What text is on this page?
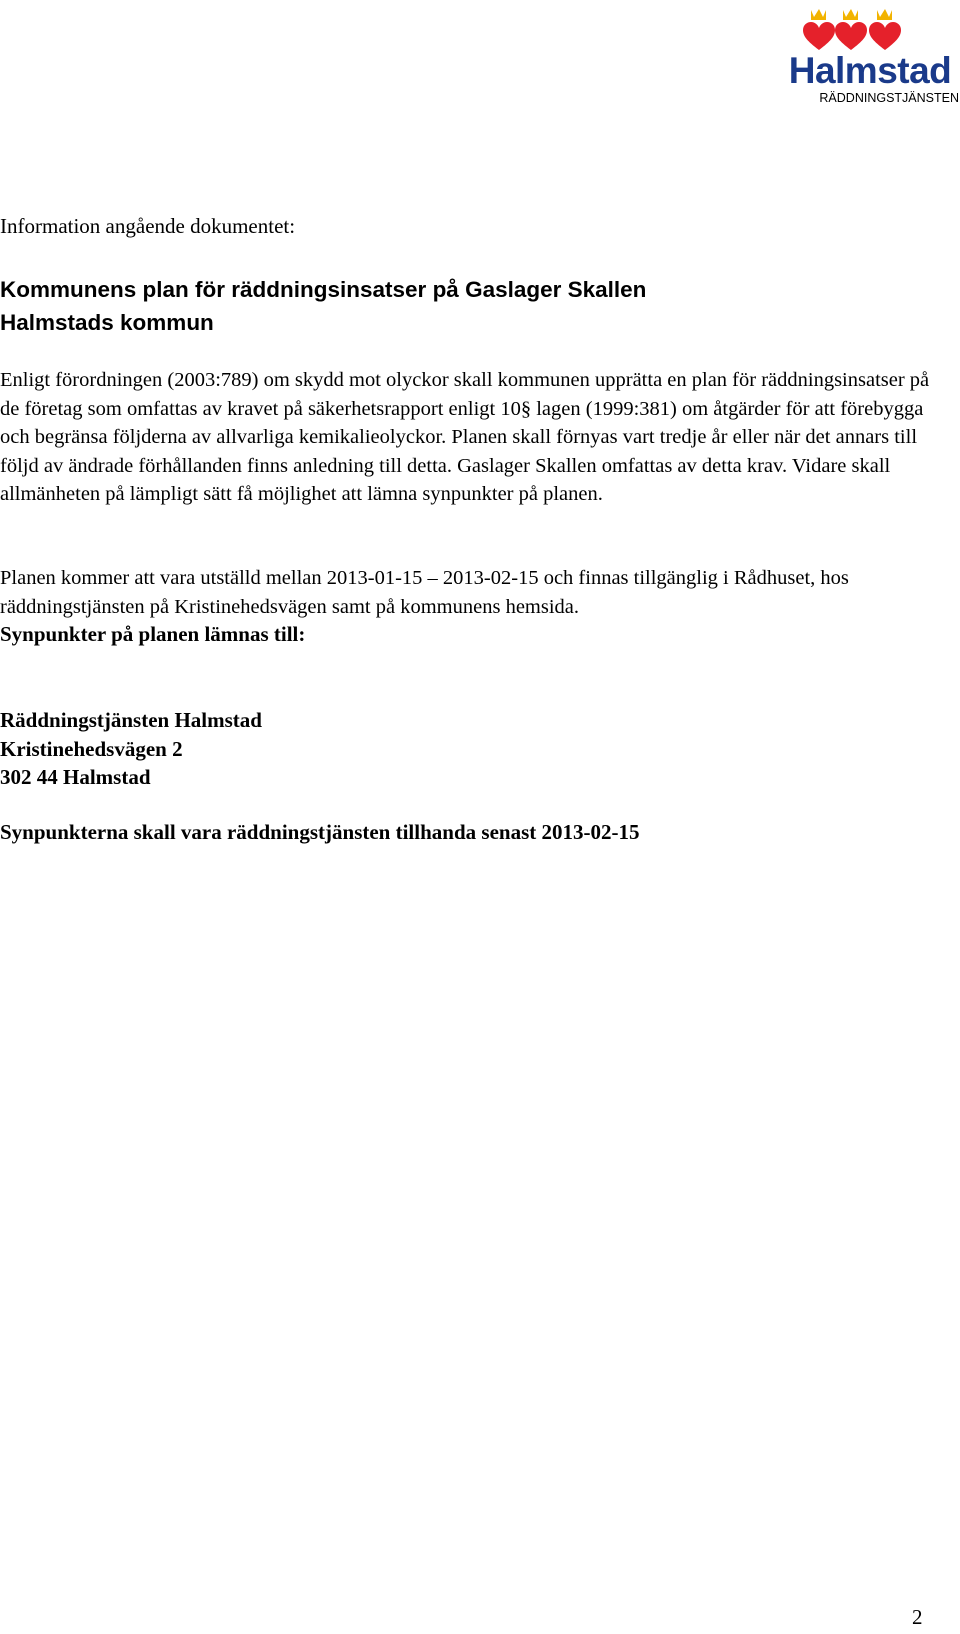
Halmstad
RÄDDNINGSTJÄNSTEN
Information angående dokumentet:
Kommunens plan för räddningsinsatser på Gaslager Skallen
Halmstads kommun

Enligt förordningen (2003:789) om skydd mot olyckor skall kommunen upprätta en plan för räddningsinsatser på de företag som omfattas av kravet på säkerhetsrapport enligt 10§ lagen (1999:381) om åtgärder för att förebygga och begränsa följderna av allvarliga kemikalieolyckor. Planen skall förnyas vart tredje år eller när det annars till följd av ändrade förhållanden finns anledning till detta. Gaslager Skallen omfattas av detta krav. Vidare skall allmänheten på lämpligt sätt få möjlighet att lämna synpunkter på planen.

Planen kommer att vara utställd mellan 2013-01-15 – 2013-02-15 och finnas tillgänglig i Rådhuset, hos räddningstjänsten på Kristinehedsvägen samt på kommunens hemsida.

Synpunkter på planen lämnas till:

Räddningstjänsten Halmstad
Kristinehedsvägen 2
302 44 Halmstad

Synpunkterna skall vara räddningstjänsten tillhanda senast 2013-02-15

2
